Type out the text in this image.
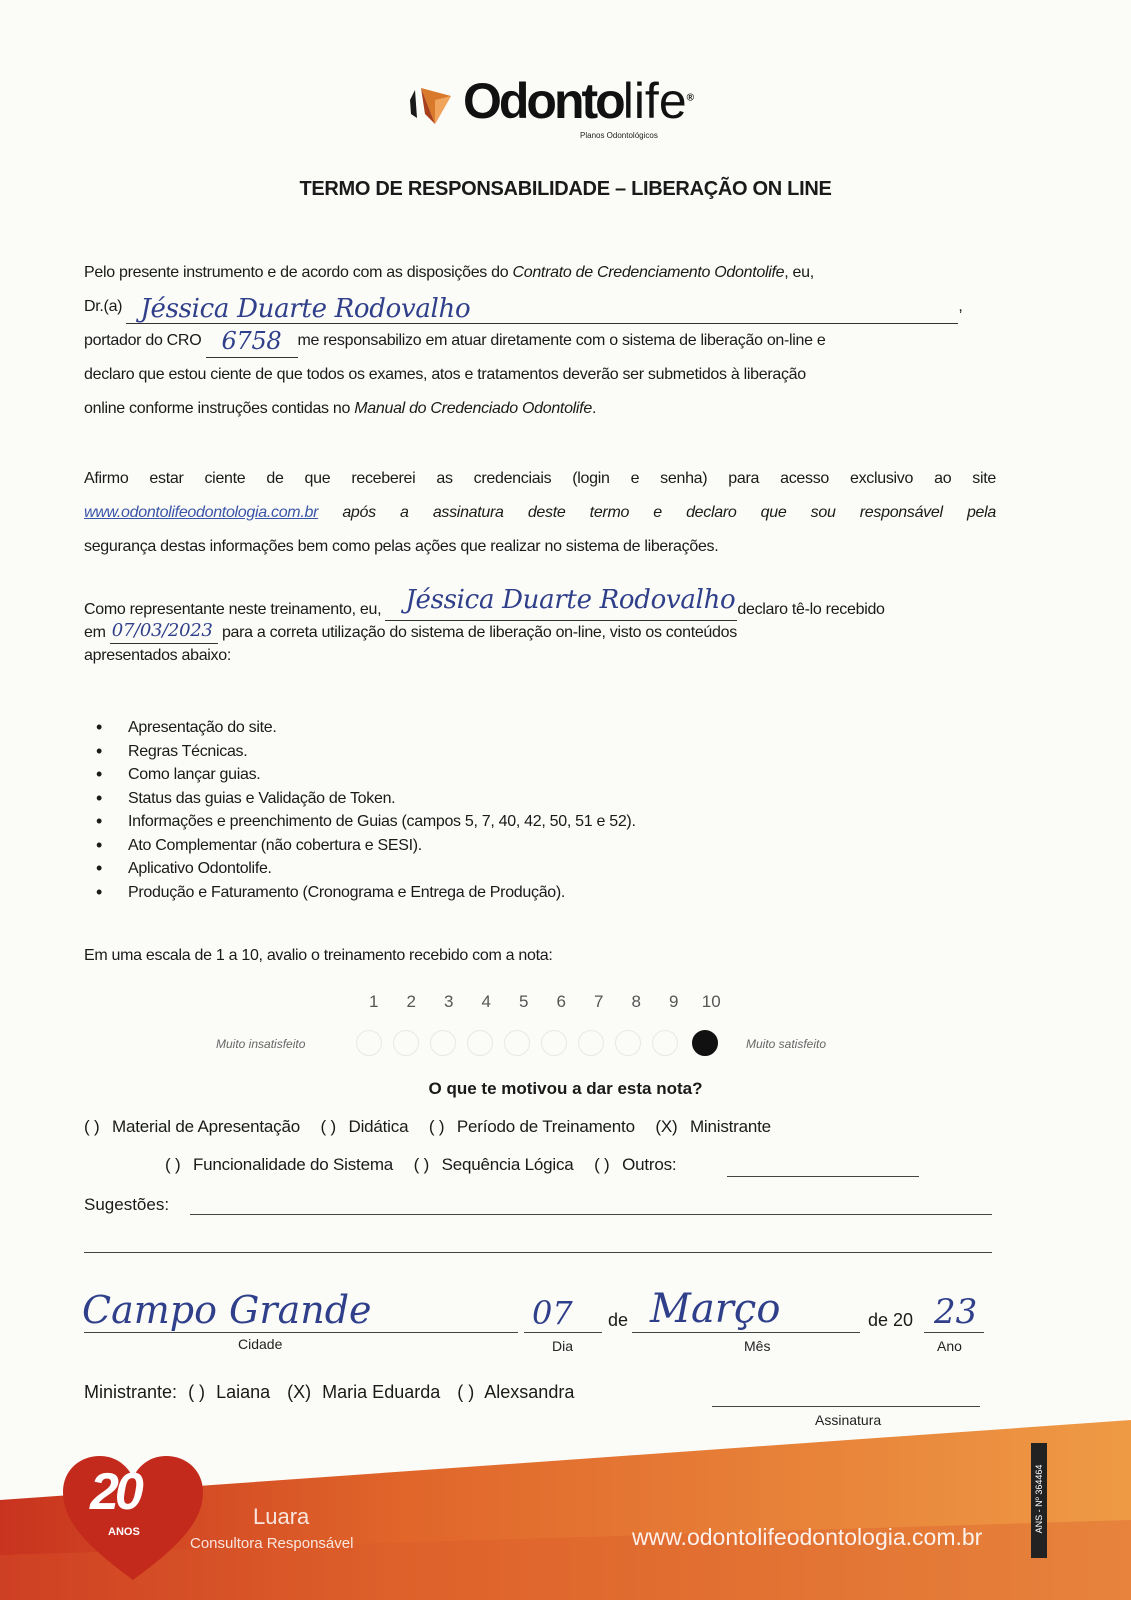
Odontolife®
Planos Odontológicos
TERMO DE RESPONSABILIDADE – LIBERAÇÃO ON LINE
Pelo presente instrumento e de acordo com as disposições do Contrato de Credenciamento Odontolife, eu,
Dr.(a) Jéssica Duarte Rodovalho	,
portador do CRO 6758 me responsabilizo em atuar diretamente com o sistema de liberação on-line e
declaro que estou ciente de que todos os exames, atos e tratamentos deverão ser submetidos à liberação
online conforme instruções contidas no Manual do Credenciado Odontolife.
Afirmo estar ciente de que receberei as credenciais (login e senha) para acesso exclusivo ao site
www.odontolifeodontologia.com.br após a assinatura deste termo e declaro que sou responsável pela
segurança destas informações bem como pelas ações que realizar no sistema de liberações.
Como representante neste treinamento, eu, Jéssica Duarte Rodovalho declaro tê-lo recebido
em 07/03/2023 para a correta utilização do sistema de liberação on-line, visto os conteúdos
apresentados abaixo:
• Apresentação do site.
• Regras Técnicas.
• Como lançar guias.
• Status das guias e Validação de Token.
• Informações e preenchimento de Guias (campos 5, 7, 40, 42, 50, 51 e 52).
• Ato Complementar (não cobertura e SESI).
• Aplicativo Odontolife.
• Produção e Faturamento (Cronograma e Entrega de Produção).
Em uma escala de 1 a 10, avalio o treinamento recebido com a nota:
1 2 3 4 5 6 7 8 9 10
Muito insatisfeito	Muito satisfeito
O que te motivou a dar esta nota?
( ) Material de Apresentação ( ) Didática ( ) Período de Treinamento (X) Ministrante
( ) Funcionalidade do Sistema ( ) Sequência Lógica ( ) Outros:
Sugestões:
Campo Grande
Cidade
07
Dia
de Março
Mês
de 20 23
Ano
Ministrante: ( ) Laiana (X) Maria Eduarda ( ) Alexsandra
Assinatura
20
ANOS
Luara
Consultora Responsável	www.odontolifeodontologia.com.br
ANS - Nº 364464
